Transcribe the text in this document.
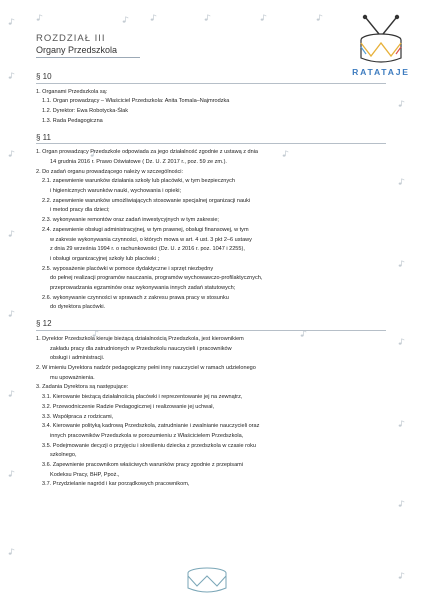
ROZDZIAŁ III
Organy Przedszkola
RATATAJE
§ 10
1. Organami Przedszkola są:
1.1. Organ prowadzący – Właściciel Przedszkola: Anita Tomala–Najmrodzka
1.2. Dyrektor: Ewa Robotycka-Ślak
1.3. Rada Pedagogiczna
§ 11
1. Organ prowadzący Przedszkole odpowiada za jego działalność zgodnie z ustawą z dnia
14 grudnia 2016 r. Prawo Oświatowe ( Dz. U. Z 2017 r., poz. 59 ze zm.).
2. Do zadań organu prowadzącego należy w szczególności:
2.1. zapewnienie warunków działania szkoły lub placówki, w tym bezpiecznych
i higienicznych warunków nauki, wychowania i opieki;
2.2. zapewnienie warunków umożliwiających stosowanie specjalnej organizacji nauki
i metod pracy dla dzieci;
2.3. wykonywanie remontów oraz zadań inwestycyjnych w tym zakresie;
2.4. zapewnienie obsługi administracyjnej, w tym prawnej, obsługi finansowej, w tym
w zakresie wykonywania czynności, o których mowa w art. 4 ust. 3 pkt 2–6 ustawy
z dnia 29 września 1994 r. o rachunkowości (Dz. U. z 2016 r. poz. 1047 i 2255),
i obsługi organizacyjnej szkoły lub placówki ;
2.5. wyposażenie placówki w pomoce dydaktyczne i sprzęt niezbędny
do pełnej realizacji programów nauczania, programów wychowawczo-profilaktycznych,
przeprowadzania egzaminów oraz wykonywania innych zadań statutowych;
2.6. wykonywanie czynności w sprawach z zakresu prawa pracy w stosunku
do dyrektora placówki.
§ 12
1. Dyrektor Przedszkola kieruje bieżącą działalnością Przedszkola, jest kierownikiem
zakładu pracy dla zatrudnionych w Przedszkolu nauczycieli i pracowników
obsługi i administracji.
2. W imieniu Dyrektora nadzór pedagogiczny pełni inny nauczyciel w ramach udzielonego
mu upoważnienia.
3. Zadania Dyrektora są następujące:
3.1. Kierowanie bieżącą działalnością placówki i reprezentowanie jej na zewnątrz,
3.2. Przewodniczenie Radzie Pedagogicznej i realizowanie jej uchwał,
3.3. Współpraca z rodzicami,
3.4. Kierowanie polityką kadrową Przedszkola, zatrudnianie i zwalnianie nauczycieli oraz
innych pracowników Przedszkola w porozumieniu z Właścicielem Przedszkola,
3.5. Podejmowanie decyzji o przyjęciu i skreśleniu dziecka z przedszkola w czasie roku
szkolnego,
3.6. Zapewnienie pracownikom właściwych warunków pracy zgodnie z przepisami
Kodeksu Pracy, BHP, Ppoż.,
3.7. Przydzielanie nagród i kar porządkowych pracownikom,
